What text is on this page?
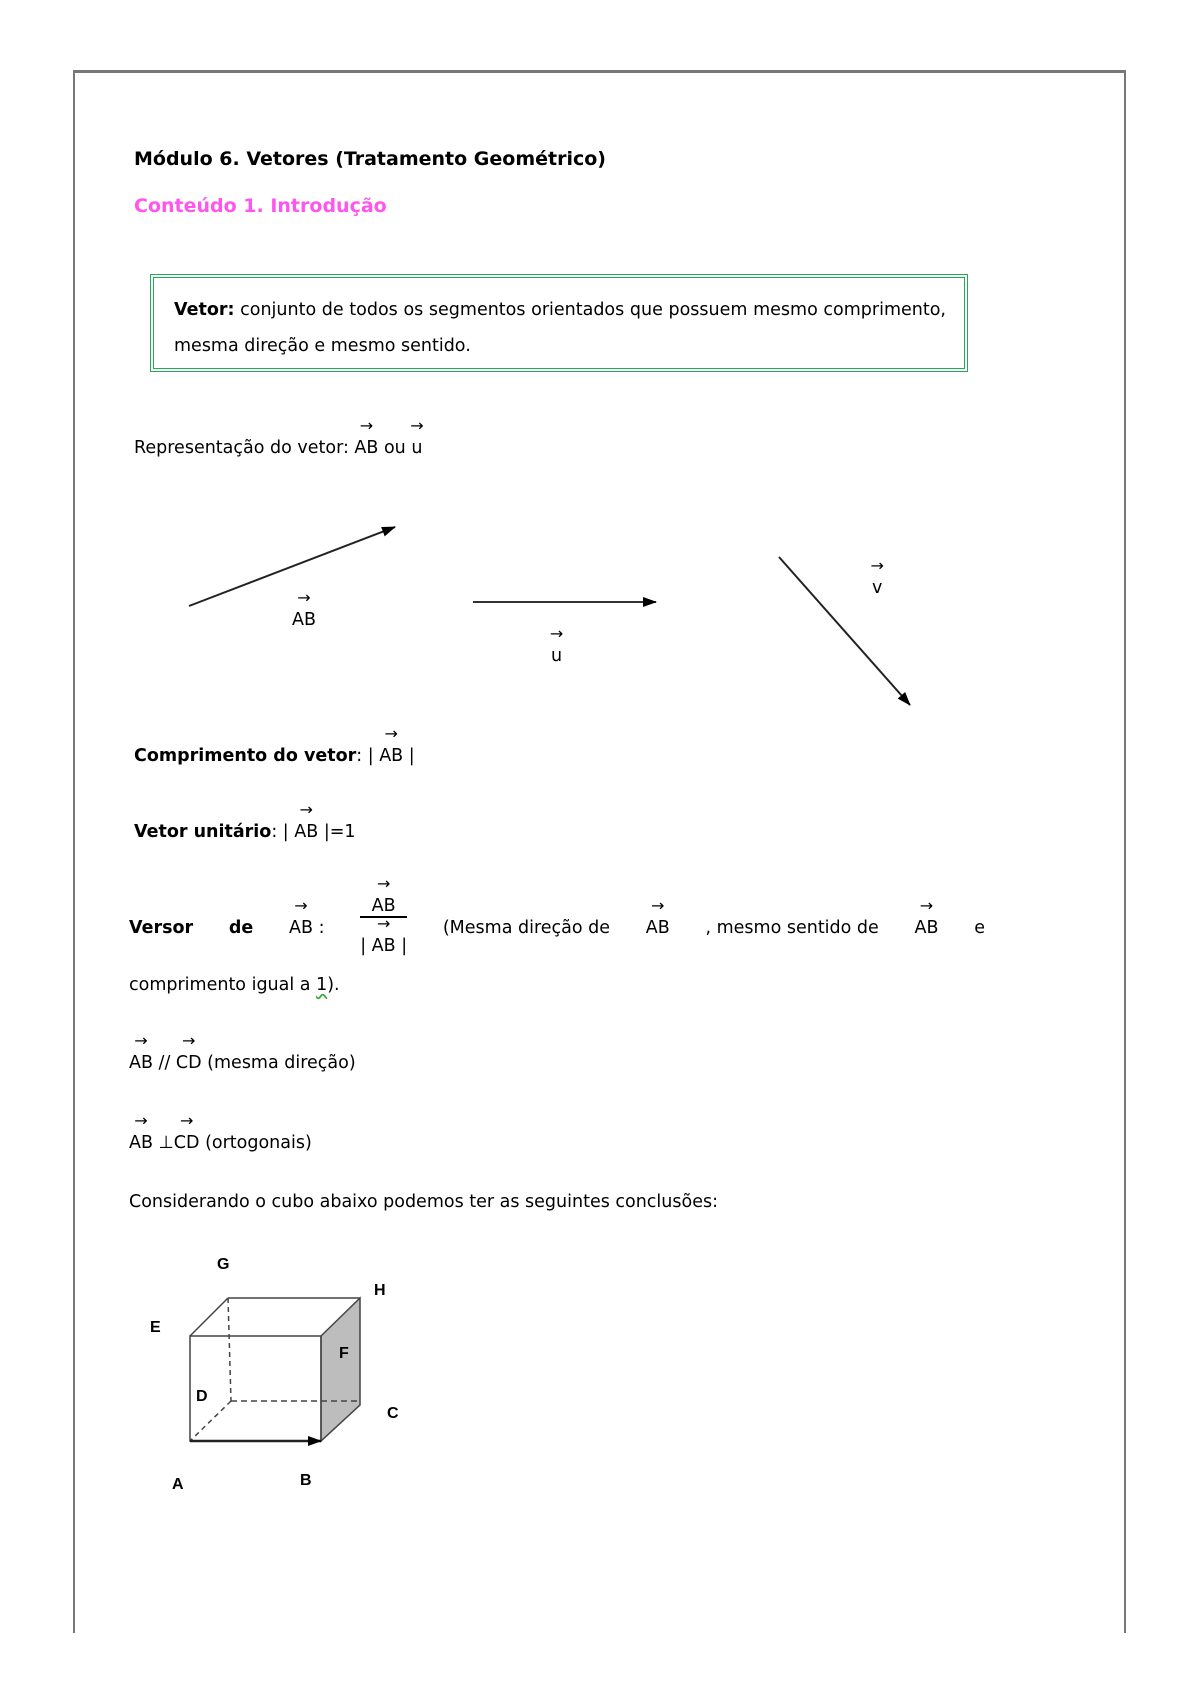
Módulo 6. Vetores (Tratamento Geométrico)
Conteúdo 1. Introdução
Vetor: conjunto de todos os segmentos orientados que possuem mesmo comprimento, mesma direção e mesmo sentido.
Representação do vetor:
→
AB ou
→
u
→
AB
→
u
→
v
Comprimento do vetor: |
→
AB |
Vetor unitário: |
→
AB |=1
Versor de
→
AB : →
AB
|
→
AB | (Mesma direção de
→
AB , mesmo sentido de
→
AB e
comprimento igual a 1).
→
AB //
→
CD (mesma direção)
→
AB ⊥
→
CD (ortogonais)
Considerando o cubo abaixo podemos ter as seguintes conclusões:
G
H
E
F
D
C
A	B
